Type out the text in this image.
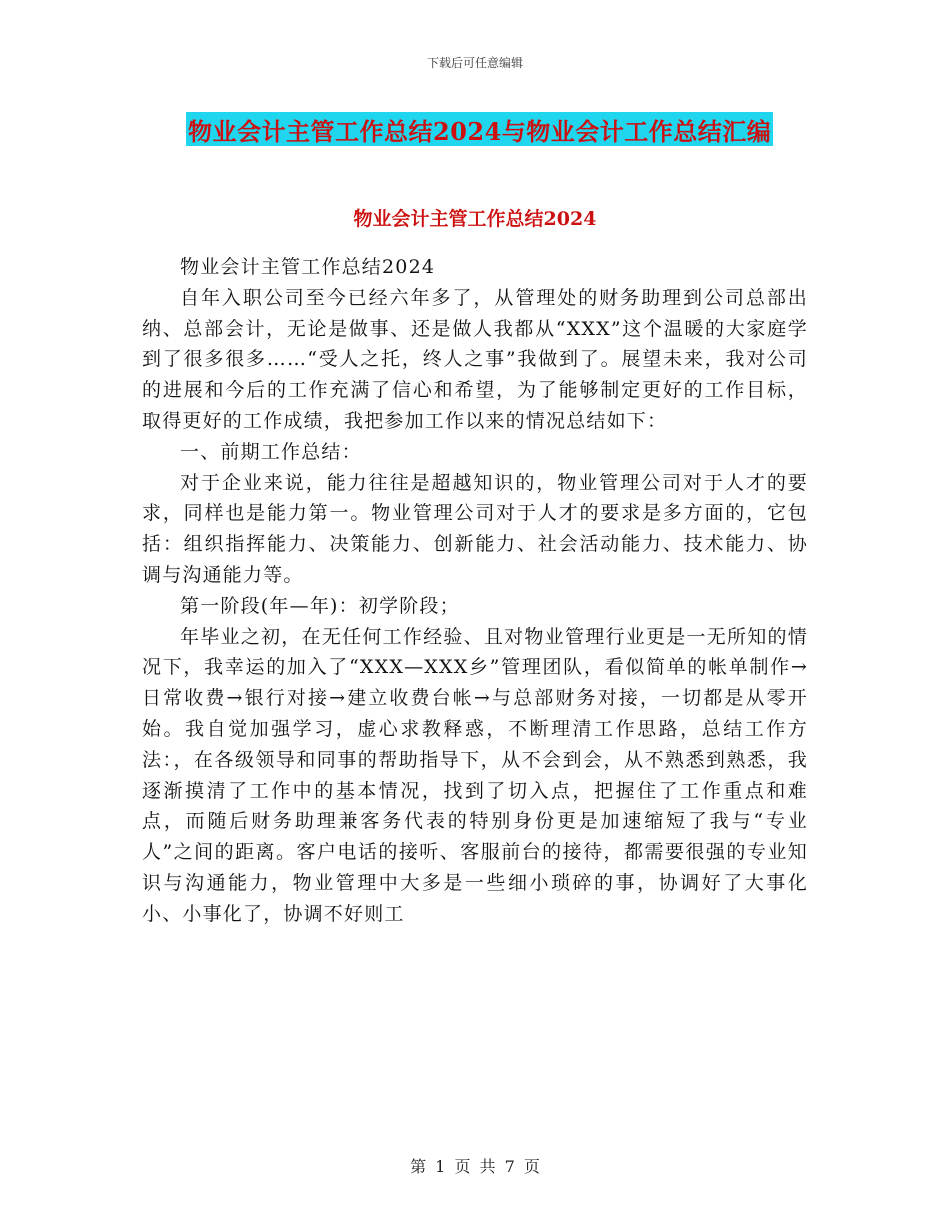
下载后可任意编辑
物业会计主管工作总结2024与物业会计工作总结汇编
物业会计主管工作总结2024

物业会计主管工作总结2024

自年入职公司至今已经六年多了，从管理处的财务助理到公司总部出纳、总部会计，无论是做事、还是做人我都从“XXX”这个温暖的大家庭学到了很多很多……“受人之托，终人之事”我做到了。展望未来，我对公司的进展和今后的工作充满了信心和希望，为了能够制定更好的工作目标，取得更好的工作成绩，我把参加工作以来的情况总结如下：

一、前期工作总结：

对于企业来说，能力往往是超越知识的，物业管理公司对于人才的要求，同样也是能力第一。物业管理公司对于人才的要求是多方面的，它包括：组织指挥能力、决策能力、创新能力、社会活动能力、技术能力、协调与沟通能力等。

第一阶段(年—年)：初学阶段；

年毕业之初，在无任何工作经验、且对物业管理行业更是一无所知的情况下，我幸运的加入了“XXX—XXX乡”管理团队，看似简单的帐单制作→日常收费→银行对接→建立收费台帐→与总部财务对接，一切都是从零开始。我自觉加强学习，虚心求教释惑，不断理清工作思路，总结工作方法：，在各级领导和同事的帮助指导下，从不会到会，从不熟悉到熟悉，我逐渐摸清了工作中的基本情况，找到了切入点，把握住了工作重点和难点，而随后财务助理兼客务代表的特别身份更是加速缩短了我与“专业人”之间的距离。客户电话的接听、客服前台的接待，都需要很强的专业知识与沟通能力，物业管理中大多是一些细小琐碎的事，协调好了大事化小、小事化了，协调不好则工

第 1 页 共 7 页
